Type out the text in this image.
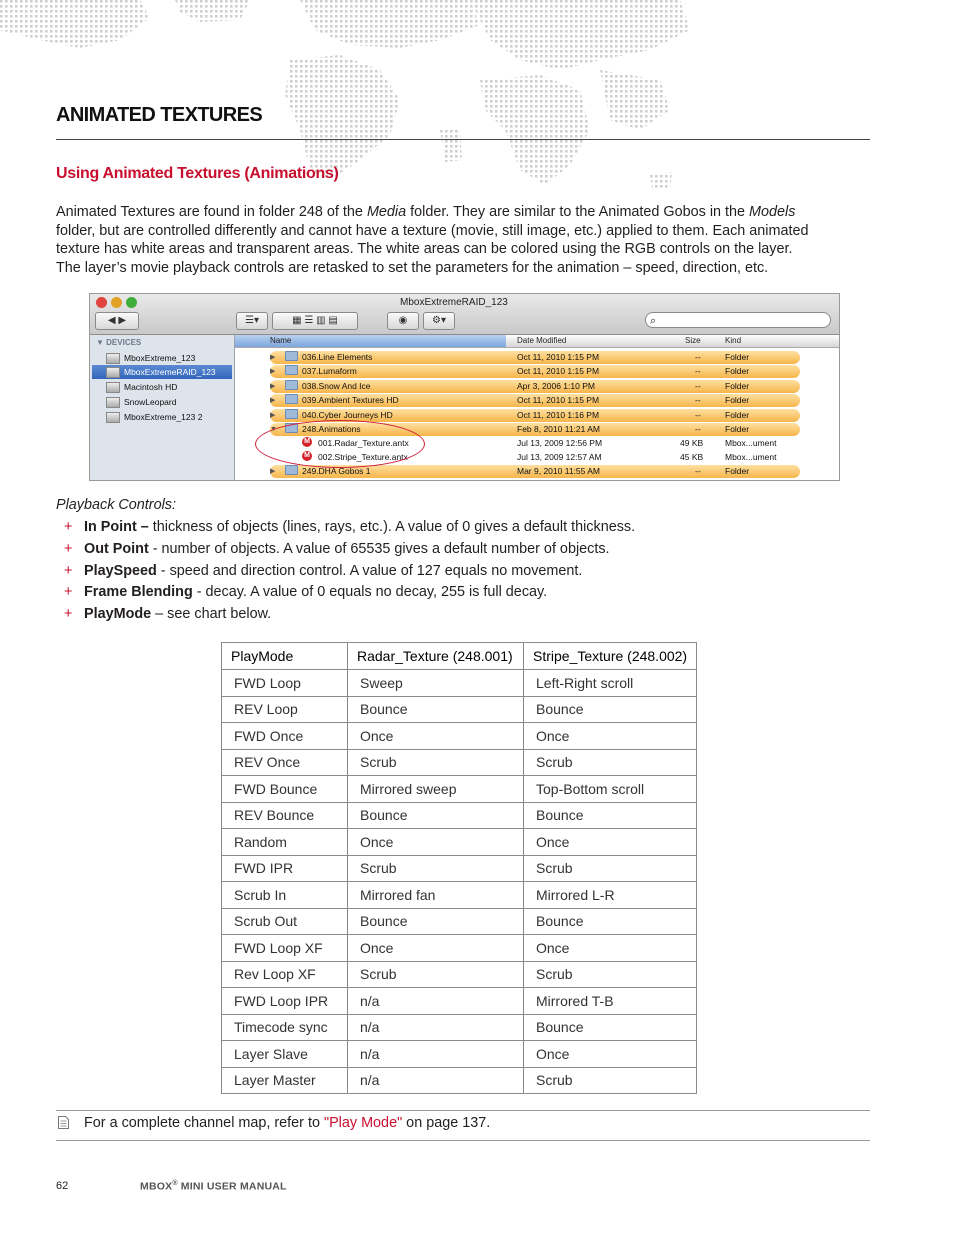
ANIMATED TEXTURES
Using Animated Textures (Animations)
Animated Textures are found in folder 248 of the Media folder. They are similar to the Animated Gobos in the Models
folder, but are controlled differently and cannot have a texture (movie, still image, etc.) applied to them. Each animated
texture has white areas and transparent areas. The white areas can be colored using the RGB controls on the layer.
The layer’s movie playback controls are retasked to set the parameters for the animation – speed, direction, etc.
MboxExtremeRAID_123
◀ ▶	☰▾	▦ ☰ ▥ ▤	◉	⚙▾	⌕
▼ DEVICES
MboxExtreme_123
MboxExtremeRAID_123
Macintosh HD
SnowLeopard
MboxExtreme_123 2
Name	Date Modified	Size	Kind
▶	036.Line Elements	Oct 11, 2010 1:15 PM	--	Folder
▶	037.Lumaform	Oct 11, 2010 1:15 PM	--	Folder
▶	038.Snow And Ice	Apr 3, 2006 1:10 PM	--	Folder
▶	039.Ambient Textures HD	Oct 11, 2010 1:15 PM	--	Folder
▶	040.Cyber Journeys HD	Oct 11, 2010 1:16 PM	--	Folder
▼	248.Animations	Feb 8, 2010 11:21 AM	--	Folder
M 001.Radar_Texture.antx	Jul 13, 2009 12:56 PM	49 KB	Mbox...ument
M 002.Stripe_Texture.antx	Jul 13, 2009 12:57 AM	45 KB	Mbox...ument
▶	249.DHA Gobos 1	Mar 9, 2010 11:55 AM	--	Folder
Playback Controls:
+ In Point – thickness of objects (lines, rays, etc.). A value of 0 gives a default thickness.
+ Out Point - number of objects. A value of 65535 gives a default number of objects.
+ PlaySpeed - speed and direction control. A value of 127 equals no movement.
+ Frame Blending - decay. A value of 0 equals no decay, 255 is full decay.
+ PlayMode – see chart below.
PlayMode	Radar_Texture (248.001)	Stripe_Texture (248.002)
FWD Loop	Sweep	Left-Right scroll
REV Loop	Bounce	Bounce
FWD Once	Once	Once
REV Once	Scrub	Scrub
FWD Bounce	Mirrored sweep	Top-Bottom scroll
REV Bounce	Bounce	Bounce
Random	Once	Once
FWD IPR	Scrub	Scrub
Scrub In	Mirrored fan	Mirrored L-R
Scrub Out	Bounce	Bounce
FWD Loop XF	Once	Once
Rev Loop XF	Scrub	Scrub
FWD Loop IPR	n/a	Mirrored T-B
Timecode sync	n/a	Bounce
Layer Slave	n/a	Once
Layer Master	n/a	Scrub
For a complete channel map, refer to "Play Mode" on page 137.
62	MBOX® MINI USER MANUAL
